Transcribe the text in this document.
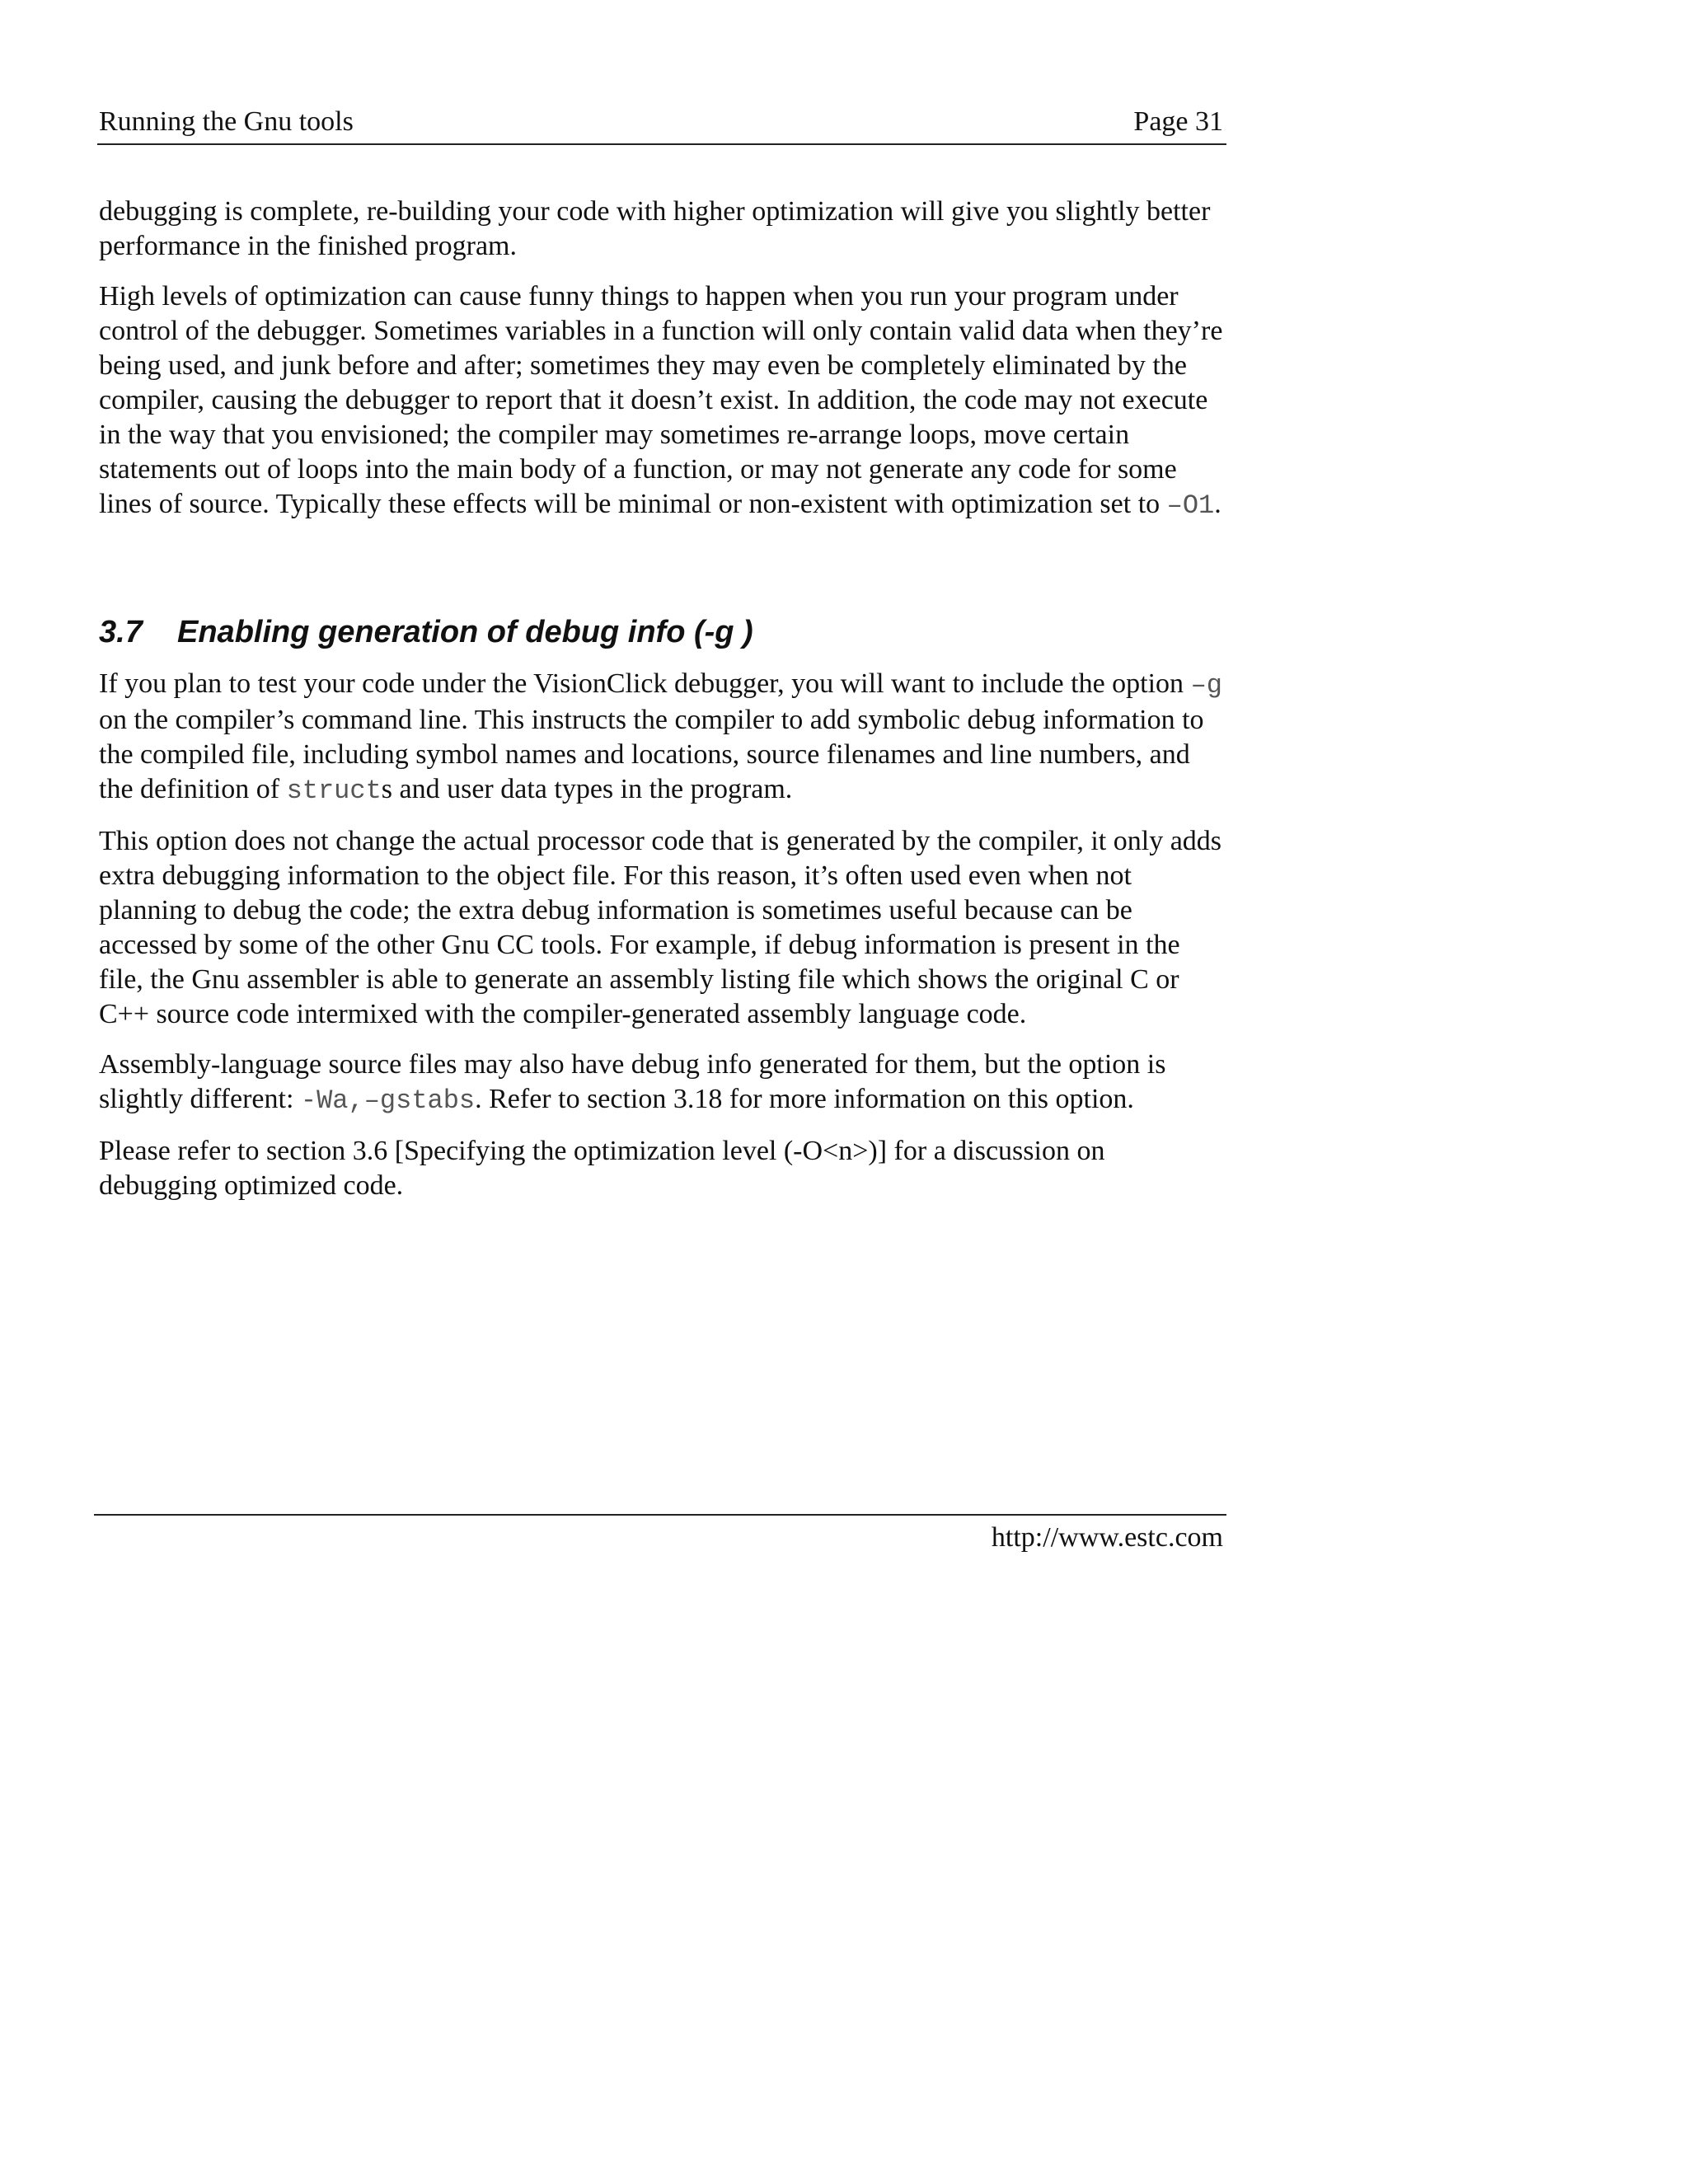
Running the Gnu tools	Page 31

debugging is complete, re-building your code with higher optimization will give you slightly better performance in the finished program.

High levels of optimization can cause funny things to happen when you run your program under control of the debugger. Sometimes variables in a function will only contain valid data when they’re being used, and junk before and after; sometimes they may even be completely eliminated by the compiler, causing the debugger to report that it doesn’t exist. In addition, the code may not execute in the way that you envisioned; the compiler may sometimes re-arrange loops, move certain statements out of loops into the main body of a function, or may not generate any code for some lines of source. Typically these effects will be minimal or non-existent with optimization set to –O1.

3.7	Enabling generation of debug info (-g )

If you plan to test your code under the VisionClick debugger, you will want to include the option –g on the compiler’s command line. This instructs the compiler to add symbolic debug information to the compiled file, including symbol names and locations, source filenames and line numbers, and the definition of structs and user data types in the program.

This option does not change the actual processor code that is generated by the compiler, it only adds extra debugging information to the object file. For this reason, it’s often used even when not planning to debug the code; the extra debug information is sometimes useful because can be accessed by some of the other Gnu CC tools. For example, if debug information is present in the file, the Gnu assembler is able to generate an assembly listing file which shows the original C or C++ source code intermixed with the compiler-generated assembly language code.

Assembly-language source files may also have debug info generated for them, but the option is slightly different: -Wa,–gstabs. Refer to section 3.18 for more information on this option.

Please refer to section 3.6 [Specifying the optimization level (-O<n>)] for a discussion on debugging optimized code.

http://www.estc.com
